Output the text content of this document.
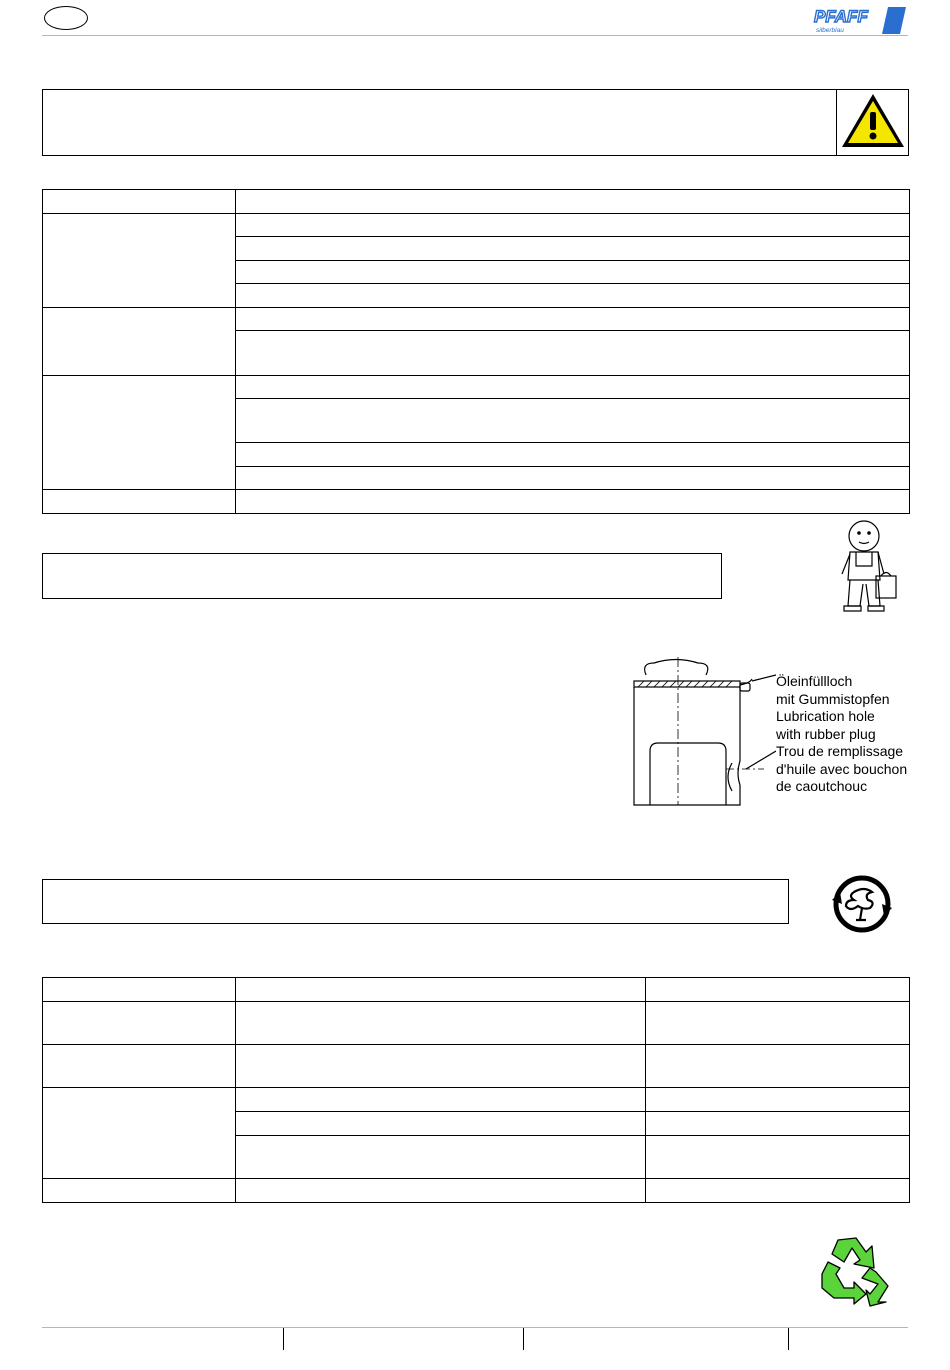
PFAFF
silberblau

Öleinfüllloch
mit Gummistopfen
Lubrication hole
with rubber plug
Trou de remplissage
d'huile avec bouchon
de caoutchouc
